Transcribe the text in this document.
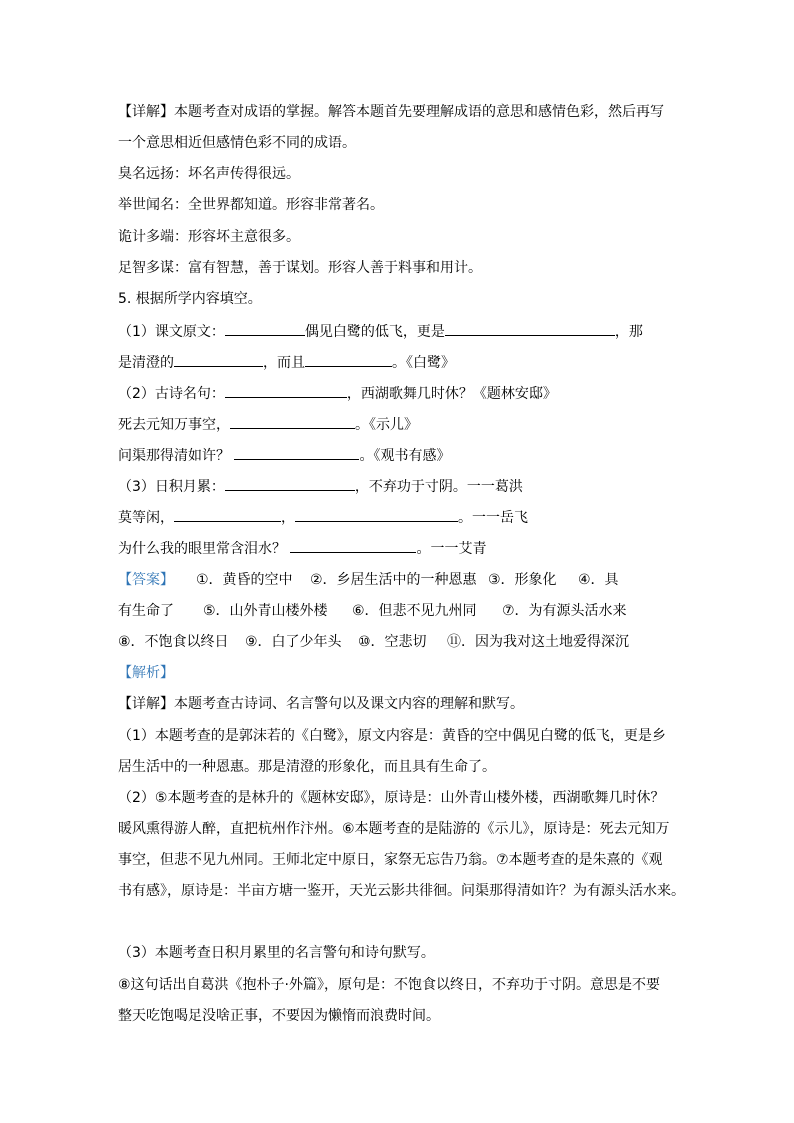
【详解】本题考查对成语的掌握。解答本题首先要理解成语的意思和感情色彩，然后再写
一个意思相近但感情色彩不同的成语。
臭名远扬：坏名声传得很远。
举世闻名：全世界都知道。形容非常著名。
诡计多端：形容坏主意很多。
足智多谋：富有智慧，善于谋划。形容人善于料事和用计。
5. 根据所学内容填空。
（1）课文原文：	偶见白鹭的低飞，更是	，那
是清澄的	，而且	。《白鹭》
（2）古诗名句：	，西湖歌舞几时休？《题林安邸》
死去元知万事空，	。《示儿》
问渠那得清如许？	。《观书有感》
（3）日积月累：	，不弃功于寸阴。一一葛洪
莫等闲，	，	。一一岳飞
为什么我的眼里常含泪水？	。一一艾青
【答案】 ①．黄昏的空中 ②．乡居生活中的一种恩惠 ③．形象化 ④．具
有生命了 ⑤．山外青山楼外楼 ⑥．但悲不见九州同 ⑦．为有源头活水来
⑧．不饱食以终日 ⑨．白了少年头 ⑩．空悲切 ⑪．因为我对这土地爱得深沉
【解析】
【详解】本题考查古诗词、名言警句以及课文内容的理解和默写。
（1）本题考查的是郭沫若的《白鹭》，原文内容是：黄昏的空中偶见白鹭的低飞，更是乡
居生活中的一种恩惠。那是清澄的形象化，而且具有生命了。
（2）⑤本题考查的是林升的《题林安邸》，原诗是：山外青山楼外楼，西湖歌舞几时休？
暖风熏得游人醉，直把杭州作汴州。⑥本题考查的是陆游的《示儿》，原诗是：死去元知万
事空，但悲不见九州同。王师北定中原日，家祭无忘告乃翁。⑦本题考查的是朱熹的《观
书有感》，原诗是：半亩方塘一鉴开，天光云影共徘徊。问渠那得清如许？为有源头活水来。
（3）本题考查日积月累里的名言警句和诗句默写。
⑧这句话出自葛洪《抱朴子·外篇》，原句是：不饱食以终日，不弃功于寸阴。意思是不要
整天吃饱喝足没啥正事，不要因为懒惰而浪费时间。
